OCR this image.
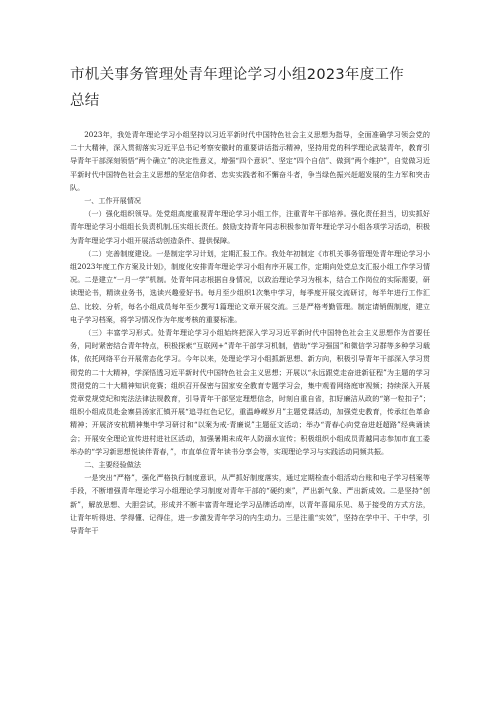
市机关事务管理处青年理论学习小组2023年度工作
总结

2023年，我处青年理论学习小组坚持以习近平新时代中国特色社会主义思想为指导，全面准确学习领会党的二十大精神，深入贯彻落实习近平总书记考察安徽时的重要讲话指示精神，坚持用党的科学理论武装青年，教育引导青年干部深刻领悟“两个确立”的决定性意义，增强“四个意识”、坚定“四个自信”、做到“两个维护”，自觉做习近平新时代中国特色社会主义思想的坚定信仰者、忠实实践者和不懈奋斗者，争当绿色振兴赶超发展的生力军和突击队。

一、工作开展情况

（一）强化组织领导。处党组高度重视青年理论学习小组工作，注重青年干部培养。强化责任担当，切实抓好青年理论学习小组组长负责机制,压实组长责任。鼓励支持青年同志积极参加青年理论学习小组各项学习活动，积极为青年理论学习小组开展活动创造条件、提供保障。

（二）完善制度建设。一是制定学习计划，定期汇报工作。我处年初制定《市机关事务管理处青年理论学习小组2023年度工作方案及计划》，制度化安排青年理论学习小组有序开展工作，定期向处党总支汇报小组工作学习情况。二是建立“一月一学”机制。处青年同志根据自身情况，以政治理论学习为根本，结合工作岗位的实际需要，研读理论书，精读业务书，选读兴趣爱好书。每月至少组织1次集中学习，每季度开展交流研讨，每半年进行工作汇总、比较、分析，每名小组成员每年至少撰写1篇理论文章开展交流。三是严格考勤管理。制定请销假制度，建立电子学习档案，将学习情况作为年度考核的重要标准。

（三）丰富学习形式。处青年理论学习小组始终把深入学习习近平新时代中国特色社会主义思想作为首要任务，同时紧密结合青年特点，积极探索“互联网+”青年干部学习机制，借助“学习强国”和微信学习群等多种学习载体，依托网络平台开展常态化学习。今年以来，处理论学习小组抓新思想、新方向，积极引导青年干部深入学习贯彻党的二十大精神，学深悟透习近平新时代中国特色社会主义思想；开展以“永远跟党走奋进新征程”为主题的学习贯彻党的二十大精神知识竞赛；组织召开保密与国家安全教育专题学习会，集中观看网络庭审视频；持续深入开展党章党规党纪和宪法法律法规教育，引导青年干部坚定理想信念，时刻自重自省，扣好廉洁从政的“第一粒扣子”；组织小组成员赴金寨县汤家汇镇开展“追寻红色记忆，重温峥嵘岁月”主题党课活动，加强党史教育，传承红色革命精神；开展济安杭精神集中学习研讨和“以案为戒·青廉说”主题征文活动；举办“青春心向党奋进赶超路”经典诵读会；开展安全理论宣传进村进社区活动，加强暑期未成年人防溺水宣传；积极组织小组成员青越同志参加市直工委举办的“学习新思想悦读伴青春，”，市直单位青年读书分享会等，实现理论学习与实践活动同频共振。

二、主要经验做法

一是突出“严格”，强化严格执行制度意识，从严抓好制度落实，通过定期检查小组活动台账和电子学习档案等手段，不断增强青年理论学习小组理论学习制度对青年干部的“硬约束”，严出新气象、严出新成效。二是坚持“创新”，解放思想、大胆尝试，形成并不断丰富青年理论学习品牌活动库，以青年喜闻乐见、易于接受的方式方法，让青年听得进、学得懂、记得住，进一步激发青年学习的内生动力。三是注重“实效”，坚持在学中干、干中学，引导青年干
